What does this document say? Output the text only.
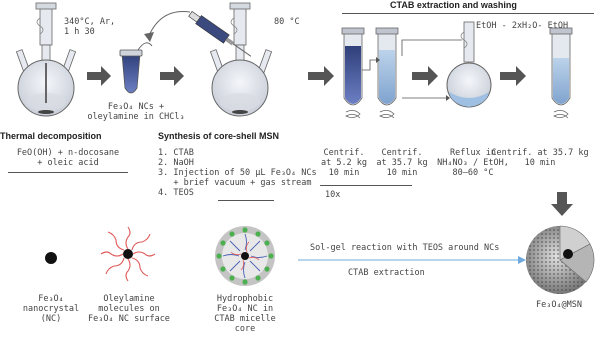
CTAB extraction and washing
EtOH - 2xH₂O- EtOH
340°C, Ar,
1 h 30
80 °C
Fe₃O₄ NCs +
oleylamine in CHCl₃
Thermal decomposition
FeO(OH) + n-docosane
+ oleic acid
Synthesis of core-shell MSN
1. CTAB
2. NaOH
3. Injection of 50 µL Fe₃O₄ NCs
+ brief vacuum + gas stream
4. TEOS	10x
Centrif.
at 5.2 kg
10 min
Centrif.
at 35.7 kg
10 min
Reflux in
NH₄NO₃ / EtOH,
80–60 °C
Centrif. at 35.7 kg
10 min
Fe₃O₄
nanocrystal
(NC)
Oleylamine
molecules on
Fe₃O₄ NC surface
Hydrophobic
Fe₃O₄ NC in
CTAB micelle
core
Sol-gel reaction with TEOS around NCs
CTAB extraction
Fe₃O₄@MSN
